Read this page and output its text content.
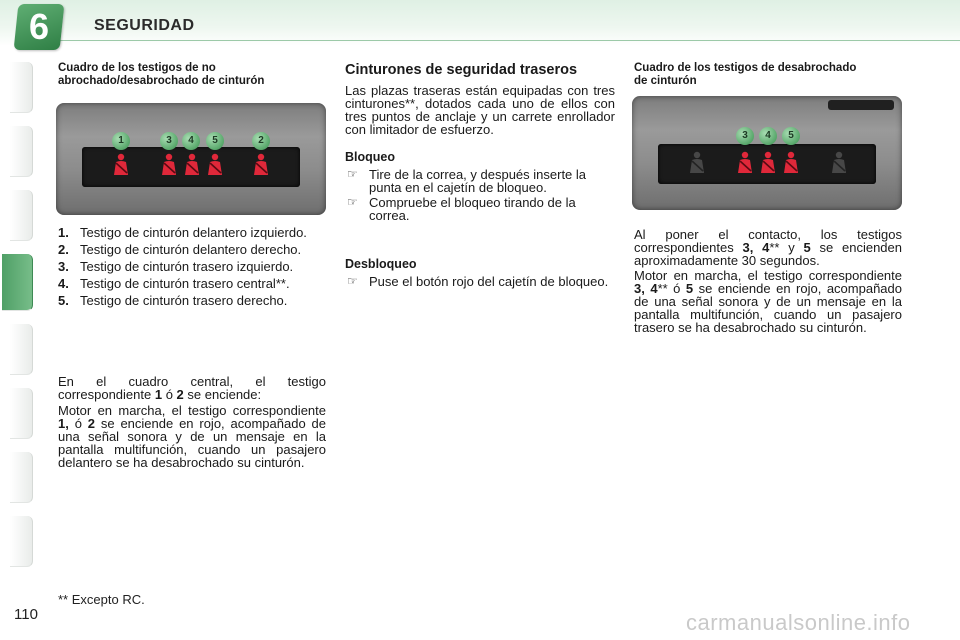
6	SEGURIDAD
Cuadro de los testigos de no abrochado/desabrochado de cinturón
1	3	4	5	2
1. Testigo de cinturón delantero izquierdo.
2. Testigo de cinturón delantero derecho.
3. Testigo de cinturón trasero izquierdo.
4. Testigo de cinturón trasero central**.
5. Testigo de cinturón trasero derecho.
En el cuadro central, el testigo correspondiente 1 ó 2 se enciende:
Motor en marcha, el testigo correspondiente 1, ó 2 se enciende en rojo, acompañado de una señal sonora y de un mensaje en la pantalla multifunción, cuando un pasajero delantero se ha desabrochado su cinturón.
Cinturones de seguridad traseros
Las plazas traseras están equipadas con tres cinturones**, dotados cada uno de ellos con tres puntos de anclaje y un carrete enrollador con limitador de esfuerzo.
Bloqueo
☞ Tire de la correa, y después inserte la punta en el cajetín de bloqueo.
☞ Compruebe el bloqueo tirando de la correa.
Desbloqueo
☞ Puse el botón rojo del cajetín de bloqueo.
Cuadro de los testigos de desabrochado de cinturón
3	4	5
Al poner el contacto, los testigos correspondientes 3, 4** y 5 se encienden aproximadamente 30 segundos.
Motor en marcha, el testigo correspondiente 3, 4** ó 5 se enciende en rojo, acompañado de una señal sonora y de un mensaje en la pantalla multifunción, cuando un pasajero trasero se ha desabrochado su cinturón.
** Excepto RC.
110	carmanualsonline.info
